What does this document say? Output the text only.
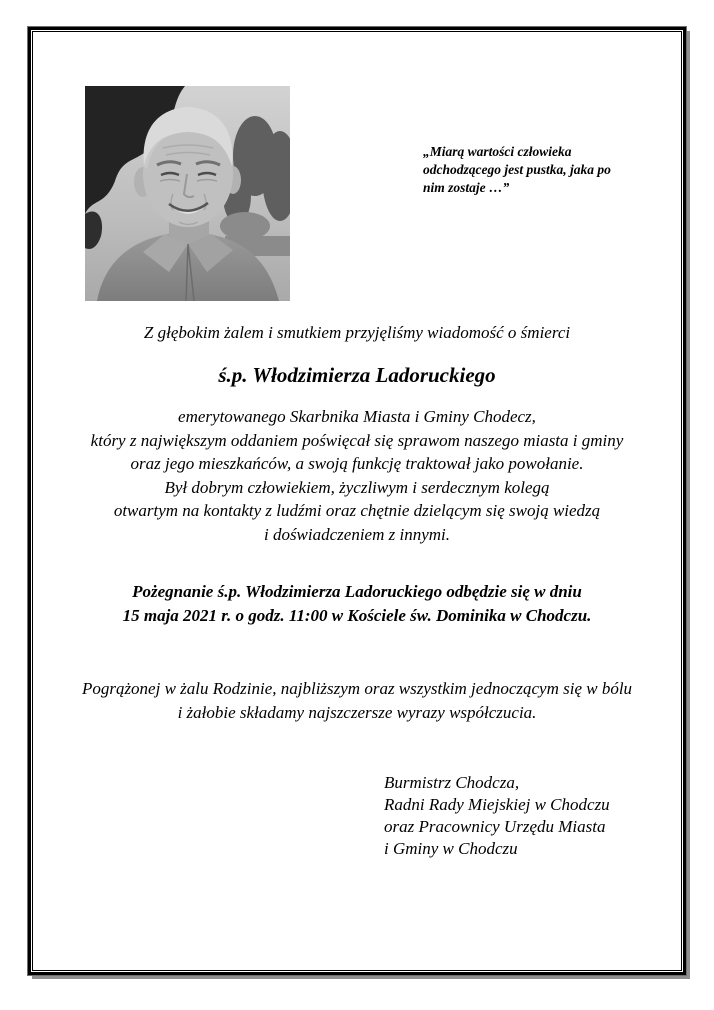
„Miarą wartości człowieka
odchodzącego jest pustka, jaka po
nim zostaje …”
Z głębokim żalem i smutkiem przyjęliśmy wiadomość o śmierci
ś.p. Włodzimierza Ladoruckiego
emerytowanego Skarbnika Miasta i Gminy Chodecz,
który z największym oddaniem poświęcał się sprawom naszego miasta i gminy
oraz jego mieszkańców, a swoją funkcję traktował jako powołanie.
Był dobrym człowiekiem, życzliwym i serdecznym kolegą
otwartym na kontakty z ludźmi oraz chętnie dzielącym się swoją wiedzą
i doświadczeniem z innymi.
Pożegnanie ś.p. Włodzimierza Ladoruckiego odbędzie się w dniu
15 maja 2021 r. o godz. 11:00 w Kościele św. Dominika w Chodczu.
Pogrążonej w żalu Rodzinie, najbliższym oraz wszystkim jednoczącym się w bólu
i żałobie składamy najszczersze wyrazy współczucia.
Burmistrz Chodcza,
Radni Rady Miejskiej w Chodczu
oraz Pracownicy Urzędu Miasta
i Gminy w Chodczu
